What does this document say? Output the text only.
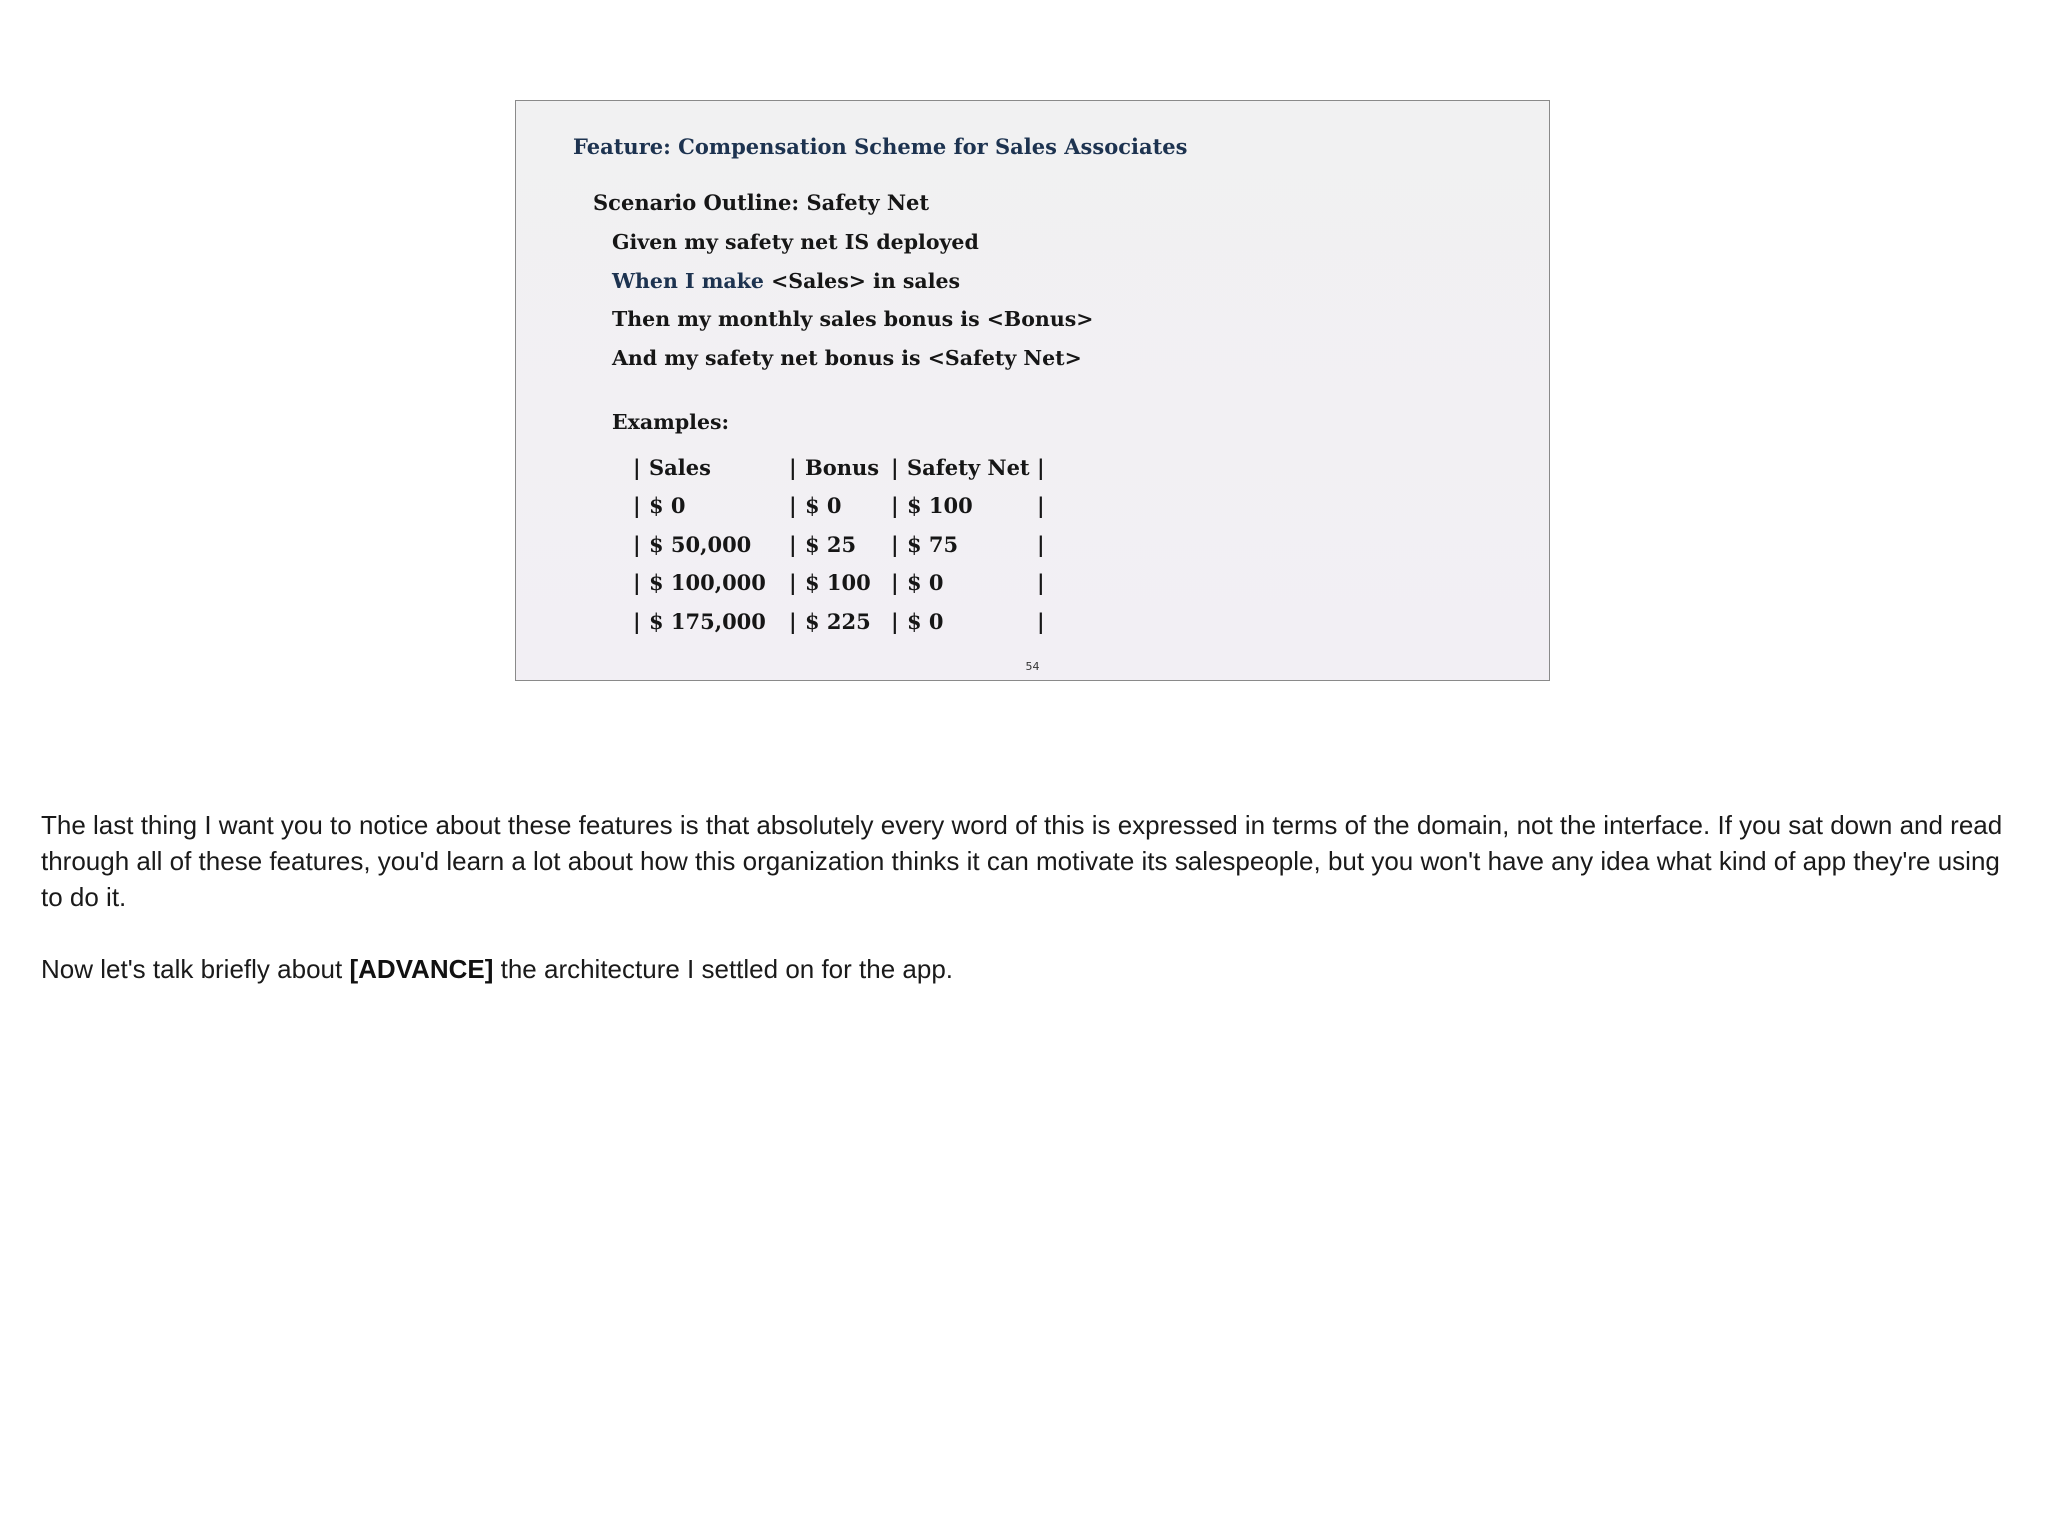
Feature: Compensation Scheme for Sales Associates
Scenario Outline: Safety Net
Given my safety net IS deployed
When I make <Sales> in sales
Then my monthly sales bonus is <Bonus>
And my safety net bonus is <Safety Net>
Examples:
|	Sales	|	Bonus	|	Safety Net	|
|	$ 0	|	$ 0	|	$ 100	|
|	$ 50,000	|	$ 25	|	$ 75	|
|	$ 100,000	|	$ 100	|	$ 0	|
|	$ 175,000	|	$ 225	|	$ 0	|
54

The last thing I want you to notice about these features is that absolutely every word of this is expressed in terms of the domain, not the interface. If you sat down and read through all of these features, you'd learn a lot about how this organization thinks it can motivate its salespeople, but you won't have any idea what kind of app they're using to do it.

Now let's talk briefly about [ADVANCE] the architecture I settled on for the app.
